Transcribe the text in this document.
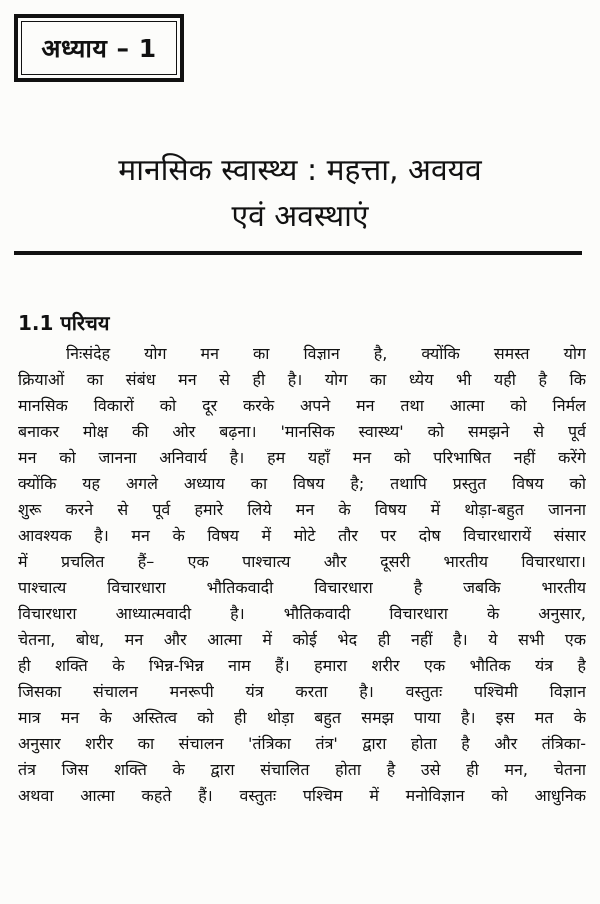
अध्याय – 1
मानसिक स्वास्थ्य : महत्ता, अवयव
एवं अवस्थाएं
1.1 परिचय
निःसंदेह योग मन का विज्ञान है, क्योंकि समस्त योग
क्रियाओं का संबंध मन से ही है। योग का ध्येय भी यही है कि
मानसिक विकारों को दूर करके अपने मन तथा आत्मा को निर्मल
बनाकर मोक्ष की ओर बढ़ना। 'मानसिक स्वास्थ्य' को समझने से पूर्व
मन को जानना अनिवार्य है। हम यहाँ मन को परिभाषित नहीं करेंगे
क्योंकि यह अगले अध्याय का विषय है; तथापि प्रस्तुत विषय को
शुरू करने से पूर्व हमारे लिये मन के विषय में थोड़ा-बहुत जानना
आवश्यक है। मन के विषय में मोटे तौर पर दोष विचारधारायें संसार
में प्रचलित हैं– एक पाश्चात्य और दूसरी भारतीय विचारधारा।
पाश्चात्य विचारधारा भौतिकवादी विचारधारा है जबकि भारतीय
विचारधारा आध्यात्मवादी है। भौतिकवादी विचारधारा के अनुसार,
चेतना, बोध, मन और आत्मा में कोई भेद ही नहीं है। ये सभी एक
ही शक्ति के भिन्न-भिन्न नाम हैं। हमारा शरीर एक भौतिक यंत्र है
जिसका संचालन मनरूपी यंत्र करता है। वस्तुतः पश्चिमी विज्ञान
मात्र मन के अस्तित्व को ही थोड़ा बहुत समझ पाया है। इस मत के
अनुसार शरीर का संचालन 'तंत्रिका तंत्र' द्वारा होता है और तंत्रिका-
तंत्र जिस शक्ति के द्वारा संचालित होता है उसे ही मन, चेतना
अथवा आत्मा कहते हैं। वस्तुतः पश्चिम में मनोविज्ञान को आधुनिक
